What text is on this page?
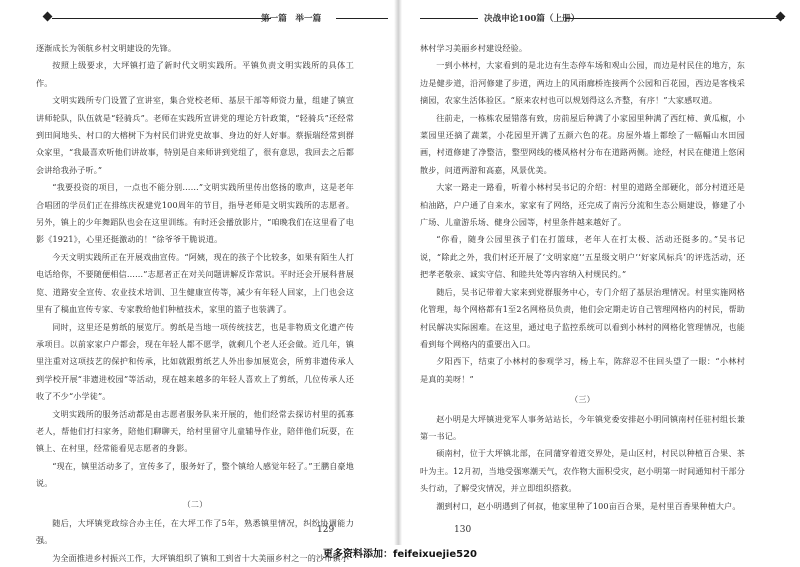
第一篇　举一篇

逐渐成长为领航乡村文明建设的先锋。

按照上级要求，大坪镇打造了新时代文明实践所。平镇负责文明实践所的具体工作。

文明实践所专门设置了宣讲室，集合党校老师、基层干部等师资力量，组建了镇宣讲师轮队，队伍就是“轻骑兵”。老师在实践所宣讲党的理论方针政策，“轻骑兵”还经常到田间地头、村口的大榕树下为村民们讲党史故事、身边的好人好事。蔡振瑞经常到群众家里，“我最喜欢听他们讲故事，特别是自来师讲到党组了，很有意思，我回去之后都会讲给我孙子听。”

“我要投资的项目，一点也不能分别……”文明实践所里传出悠扬的歌声，这是老年合唱团的学员们正在排练庆祝建党100周年的节目，指导老师是文明实践所的志愿者。另外，镇上的少年舞蹈队也会在这里训练。有时还会播放影片，“咱晚我们在这里看了电影《1921》，心里还挺激动的！”徐爷爷干脆说道。

今天文明实践所正在开展戏曲宣传。“阿姨，现在的孩子个比较多，如果有陌生人打电话给你，不要随便相信……”志愿者正在对关问题讲解反诈常识。平时还会开展科普展览、道路安全宣传、农业技术培训、卫生健康宣传等，减少有年轻人回家，上门也会这里有了稿血宣传专家、专家教给他们种植技术，家里的篮子也装满了。

同时，这里还是剪纸的展览厅。剪纸是当地一项传统技艺，也是非物质文化遗产传承项目。以前家家户户都会，现在年轻人都不愿学，就剩几个老人还会做。近几年，镇里注重对这项技艺的保护和传承，比如就跟剪纸艺人外出参加展览会，所剪非遗传承人到学校开展“非遗进校园”等活动，现在越来越多的年轻人喜欢上了剪纸，几位传承人还收了不少“小学徒”。

文明实践所的服务活动都是由志愿者服务队来开展的，他们经常去探访村里的孤寡老人，帮他们打扫家务，陪他们聊聊天，给村里留守儿童辅导作业，陪伴他们玩耍，在镇上、在村里，经常能看见志愿者的身影。

“现在，镇里活动多了，宣传多了，服务好了，整个镇给人感觉年轻了。”王鹏自豪地说。

（二）

随后，大坪镇党政综合办主任，在大坪工作了5年，熟悉镇里情况，纠纷协调能力强。

为全面推进乡村振兴工作，大坪镇组织了镇和工到省十大美丽乡村之一的沙市镇小

129
决战申论100篇（上册）

林村学习美丽乡村建设经验。

一到小林村，大家看到的是北边有生态停车场和观山公园，而边是村民住的地方，东边是健步道，沿河修建了步道，两边上的风雨廊桥连接两个公园和百花园，西边是客栈采摘园，农家生活体验区。“原来农村也可以规划得这么齐整，有序！”大家感叹道。

往前走，一栋栋农屋错落有致，房前屋后种满了小家园里种满了西红柿、黄瓜椒，小菜园里还摘了蔬菜，小花园里开满了五颜六色的花。房屋外墙上都绘了一幅幅山水田园画，村道修建了净整洁，整型网线的楼风格村分布在道路两侧。途经，村民在健道上悠闲散步，问道两游和高嘉，风景优美。

大家一路走一路看，听着小林村吴书记的介绍：村里的道路全部硬化，部分村道还是柏油路，户户通了自来水，家家有了网络，还完成了南污分流和生态公厕建设，修建了小广场、儿童游乐场、健身公园等，村里条件越来越好了。

“你看，随身公园里孩子们在打篮球，老年人在打太极、活动还挺多的。”吴书记说，“除此之外，我们村还开展了‘文明家庭’‘五星级文明户’‘好家风标兵’的评选活动，还把孝老敬亲、诚实守信、和睦共处等内容纳入村规民约。”

随后，吴书记带着大家来到党群服务中心，专门介绍了基层治理情况。村里实施网格化管理，每个网格都有1至2名网格员负责，他们会定期走访自己管理网格内的村民，帮助村民解决实际困难。在这里，通过电子监控系统可以看到小林村的网格化管理情况，也能看到每个网格内的重要出入口。

夕阳西下，结束了小林村的参观学习，杨上车，陈辞忍不住回头望了一眼：“小林村是真的美呀！”

（三）

赵小明是大坪镇进党军人事务站站长，今年镇党委安排赵小明同镇南村任驻村组长兼第一书记。

硕南村，位于大坪镇北部，在同蒲穿着道交界处，是山区村，村民以种植百合果、茶叶为主。12月初，当地受强寒潮天气，农作物大面积受灾，赵小明第一时间通知村干部分头行动，了解受灾情况，并立即组织搭救。

潮到村口，赵小明遇到了何叔，他家里种了100亩百合果，是村里百香果种植大户。

130
更多资料添加：feifeixuejie520
